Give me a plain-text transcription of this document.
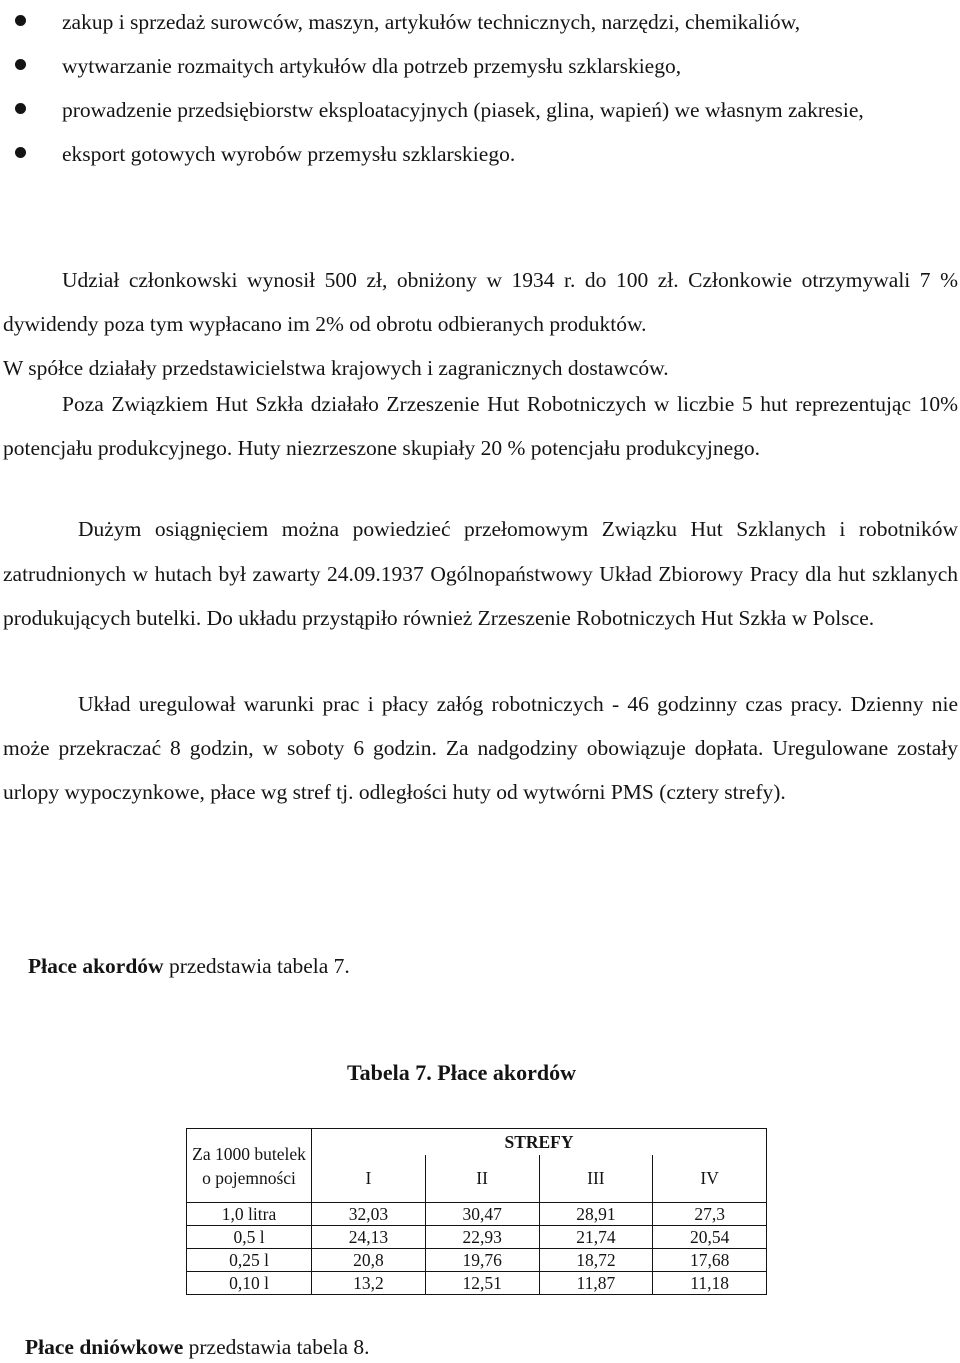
zakup i sprzedaż surowców, maszyn, artykułów technicznych, narzędzi, chemikaliów,
wytwarzanie rozmaitych artykułów dla potrzeb przemysłu szklarskiego,
prowadzenie przedsiębiorstw eksploatacyjnych (piasek, glina, wapień) we własnym zakresie,
eksport gotowych wyrobów przemysłu szklarskiego.
Udział członkowski wynosił 500 zł, obniżony w 1934 r. do 100 zł. Członkowie otrzymywali 7 % dywidendy poza tym wypłacano im 2% od obrotu odbieranych produktów.
W spółce działały przedstawicielstwa krajowych i zagranicznych dostawców.
Poza Związkiem Hut Szkła działało Zrzeszenie Hut Robotniczych w liczbie 5 hut reprezentując 10% potencjału produkcyjnego. Huty niezrzeszone skupiały 20 % potencjału produkcyjnego.
Dużym osiągnięciem można powiedzieć przełomowym Związku Hut Szklanych i robotników zatrudnionych w hutach był zawarty 24.09.1937 Ogólnopaństwowy Układ Zbiorowy Pracy dla hut szklanych produkujących butelki. Do układu przystąpiło również Zrzeszenie Robotniczych Hut Szkła w Polsce.
Układ uregulował warunki prac i płacy załóg robotniczych - 46 godzinny czas pracy. Dzienny nie może przekraczać 8 godzin, w soboty 6 godzin. Za nadgodziny obowiązuje dopłata. Uregulowane zostały urlopy wypoczynkowe, płace wg stref tj. odległości huty od wytwórni PMS (cztery strefy).
Płace akordów przedstawia tabela 7.
Tabela 7. Płace akordów
Za 1000 butelek o pojemności	STREFY			
	I	II	III	IV
1,0 litra	32,03	30,47	28,91	27,3
0,5 l	24,13	22,93	21,74	20,54
0,25 l	20,8	19,76	18,72	17,68
0,10 l	13,2	12,51	11,87	11,18
Płace dniówkowe przedstawia tabela 8.
